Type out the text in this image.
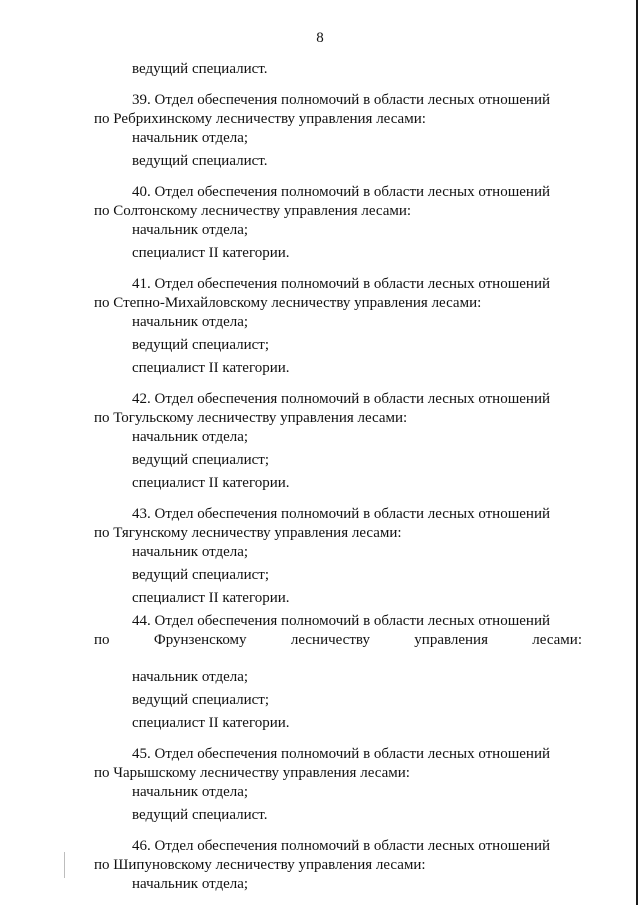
8
ведущий специалист.
39. Отдел обеспечения полномочий в области лесных отношений
по Ребрихинскому лесничеству управления лесами:
начальник отдела;
ведущий специалист.
40. Отдел обеспечения полномочий в области лесных отношений
по Солтонскому лесничеству управления лесами:
начальник отдела;
специалист II категории.
41. Отдел обеспечения полномочий в области лесных отношений
по Степно-Михайловскому лесничеству управления лесами:
начальник отдела;
ведущий специалист;
специалист II категории.
42. Отдел обеспечения полномочий в области лесных отношений
по Тогульскому лесничеству управления лесами:
начальник отдела;
ведущий специалист;
специалист II категории.
43. Отдел обеспечения полномочий в области лесных отношений
по Тягунскому лесничеству управления лесами:
начальник отдела;
ведущий специалист;
специалист II категории.
44. Отдел обеспечения полномочий в области лесных отношений
по	Фрунзенскому	лесничеству	управления	лесами:
начальник отдела;
ведущий специалист;
специалист II категории.
45. Отдел обеспечения полномочий в области лесных отношений
по Чарышскому лесничеству управления лесами:
начальник отдела;
ведущий специалист.
46. Отдел обеспечения полномочий в области лесных отношений
по Шипуновскому лесничеству управления лесами:
начальник отдела;
